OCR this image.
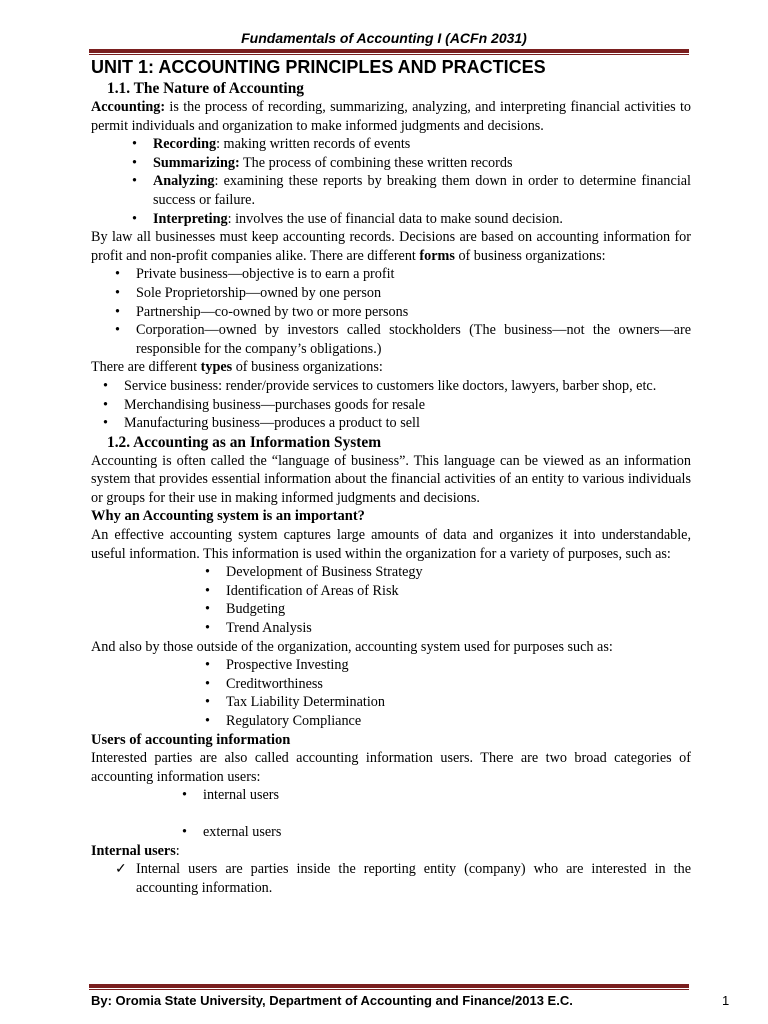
Fundamentals of Accounting I (ACFn 2031)
UNIT 1: ACCOUNTING PRINCIPLES AND PRACTICES
1.1. The Nature of Accounting

Accounting: is the process of recording, summarizing, analyzing, and interpreting financial activities to permit individuals and organization to make informed judgments and decisions.

• Recording: making written records of events
• Summarizing: The process of combining these written records
• Analyzing: examining these reports by breaking them down in order to determine financial success or failure.
• Interpreting: involves the use of financial data to make sound decision.

By law all businesses must keep accounting records. Decisions are based on accounting information for profit and non-profit companies alike. There are different forms of business organizations:

• Private business—objective is to earn a profit
• Sole Proprietorship—owned by one person
• Partnership—co-owned by two or more persons
• Corporation—owned by investors called stockholders (The business—not the owners—are responsible for the company’s obligations.)

There are different types of business organizations:

• Service business: render/provide services to customers like doctors, lawyers, barber shop, etc.
• Merchandising business—purchases goods for resale
• Manufacturing business—produces a product to sell
1.2. Accounting as an Information System

Accounting is often called the “language of business”. This language can be viewed as an information system that provides essential information about the financial activities of an entity to various individuals or groups for their use in making informed judgments and decisions.

Why an Accounting system is an important?

An effective accounting system captures large amounts of data and organizes it into understandable, useful information. This information is used within the organization for a variety of purposes, such as:

• Development of Business Strategy
• Identification of Areas of Risk
• Budgeting
• Trend Analysis

And also by those outside of the organization, accounting system used for purposes such as:

• Prospective Investing
• Creditworthiness
• Tax Liability Determination
• Regulatory Compliance
Users of accounting information

Interested parties are also called accounting information users. There are two broad categories of accounting information users:

• internal users
• external users

Internal users:

✓ Internal users are parties inside the reporting entity (company) who are interested in the accounting information.
By: Oromia State University, Department of Accounting and Finance/2013 E.C.	1
